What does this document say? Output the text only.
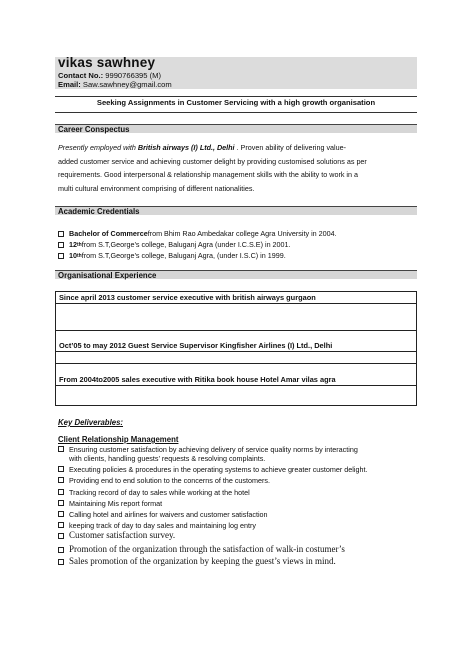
vikas sawhney
Contact No.: 9990766395 (M)
Email: Saw.sawhney@gmail.com
Seeking Assignments in Customer Servicing with a high growth organisation
Career Conspectus
Presently employed with British airways (I) Ltd., Delhi . Proven ability of delivering value-
added customer service and achieving customer delight by providing customised solutions as per
requirements. Good interpersonal & relationship management skills with the ability to work in a
multi cultural environment comprising of different nationalities.
Academic Credentials
Bachelor of Commerce from Bhim Rao Ambedakar college Agra University in 2004.
12 th from S.T,George’s college, Baluganj Agra (under I.C.S.E) in 2001.
10 th from S.T,George’s college, Baluganj Agra, (under I.S.C) in 1999.
Organisational Experience
Since april 2013 customer service executive with british airways gurgaon
Oct’05 to may 2012 Guest Service Supervisor Kingfisher Airlines (I) Ltd., Delhi
From 2004to2005 sales executive with Ritika book house Hotel Amar vilas agra
Key Deliverables:
Client Relationship Management
Ensuring customer satisfaction by achieving delivery of service quality norms by interacting
with clients, handling guests’ requests & resolving complaints.
Executing policies & procedures in the operating systems to achieve greater customer delight.
Providing end to end solution to the concerns of the customers.
Tracking record of day to sales while working at the hotel
Maintaining Mis report format
Calling hotel and airlines for waivers and customer satisfaction
keeping track of day to day sales and maintaining log entry
Customer satisfaction survey.
Promotion of the organization through the satisfaction of walk-in costumer’s
Sales promotion of the organization by keeping the guest’s views in mind.
